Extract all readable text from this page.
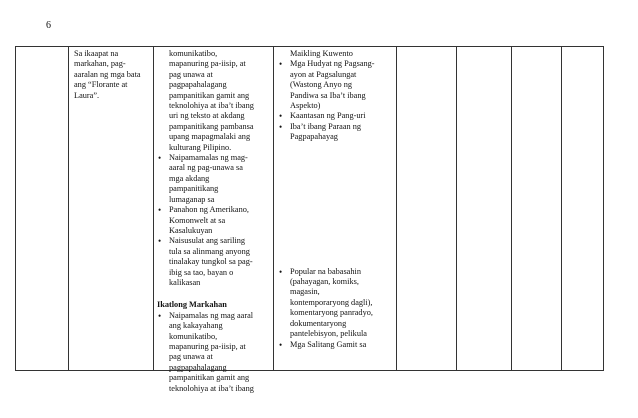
6

Sa ikaapat na markahan, pag-aaralan ng mga bata ang “Florante at Laura”.

komunikatibo,

mapanuring pa-iisip, at

pag unawa at

pagpapahalagang

pampanitikan gamit ang

teknolohiya at iba’t ibang

uri ng teksto at akdang

pampanitikang pambansa

upang mapagmalaki ang

kulturang Pilipino.

• Naipamamalas ng mag-

aaral ng pag-unawa sa

mga akdang

pampanitikang

lumaganap sa

• Panahon ng Amerikano,

Komonwelt at sa

Kasalukuyan

• Naisusulat ang sariling

tula sa alinmang anyong

tinalakay tungkol sa pag-

ibig sa tao, bayan o

kalikasan

Ikatlong Markahan

• Naipamalas ng mag aaral

ang kakayahang

komunikatibo,

mapanuring pa-iisip, at

pag unawa at

pagpapahalagang

pampanitikan gamit ang

teknolohiya at iba’t ibang

Maikling Kuwento

• Mga Hudyat ng Pagsang-

ayon at Pagsalungat

(Wastong Anyo ng

Pandiwa sa Iba’t ibang

Aspekto)

• Kaantasan ng Pang-uri

• Iba’t ibang Paraan ng

Pagpapahayag

• Popular na babasahin

(pahayagan, komiks,

magasin,

kontemporaryong dagli),

komentaryong panradyo,

dokumentaryong

pantelebisyon, pelikula

• Mga Salitang Gamit sa
